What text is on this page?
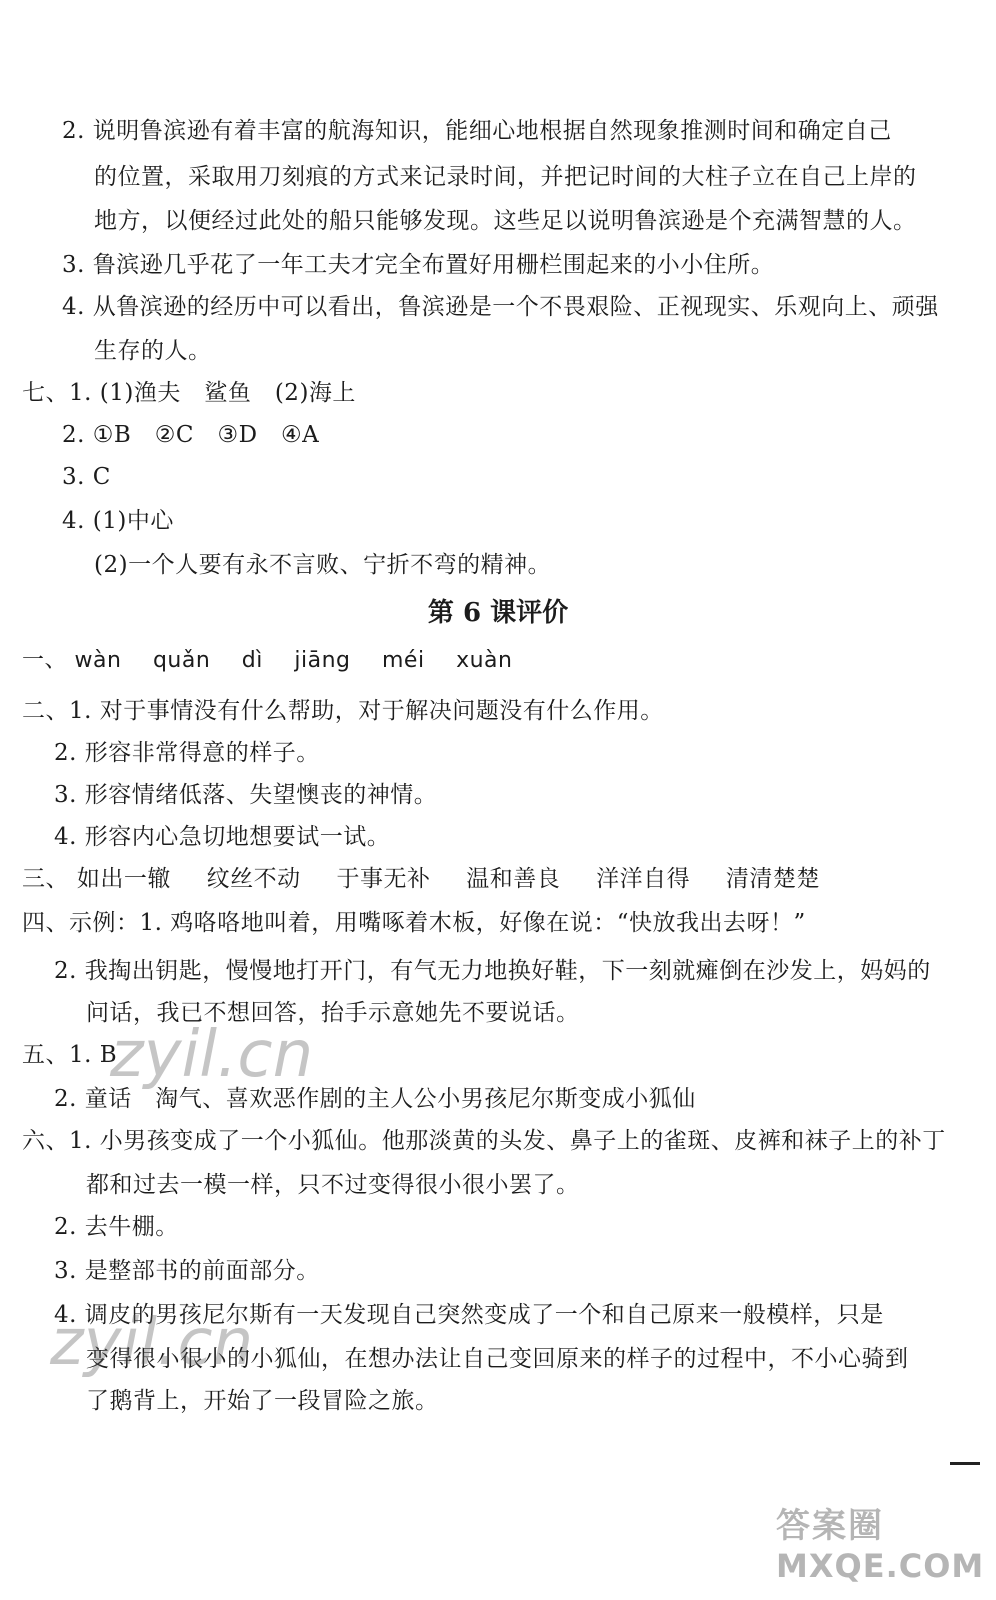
2. 说明鲁滨逊有着丰富的航海知识，能细心地根据自然现象推测时间和确定自己
的位置，采取用刀刻痕的方式来记录时间，并把记时间的大柱子立在自己上岸的
地方，以便经过此处的船只能够发现。这些足以说明鲁滨逊是个充满智慧的人。
3. 鲁滨逊几乎花了一年工夫才完全布置好用栅栏围起来的小小住所。
4. 从鲁滨逊的经历中可以看出，鲁滨逊是一个不畏艰险、正视现实、乐观向上、顽强
生存的人。
七、1. (1)渔夫　鲨鱼　(2)海上
2. ①B　②C　③D　④A
3. C
4. (1)中心
(2)一个人要有永不言败、宁折不弯的精神。
第 6 课评价
一、 wàn quǎn dì jiāng méi xuàn
二、1. 对于事情没有什么帮助，对于解决问题没有什么作用。
2. 形容非常得意的样子。
3. 形容情绪低落、失望懊丧的神情。
4. 形容内心急切地想要试一试。
三、 如出一辙 纹丝不动 于事无补 温和善良 洋洋自得 清清楚楚
四、示例：1. 鸡咯咯地叫着，用嘴啄着木板，好像在说：“快放我出去呀！”
2. 我掏出钥匙，慢慢地打开门，有气无力地换好鞋，下一刻就瘫倒在沙发上，妈妈的
问话，我已不想回答，抬手示意她先不要说话。
五、1. B
2. 童话　淘气、喜欢恶作剧的主人公小男孩尼尔斯变成小狐仙
六、1. 小男孩变成了一个小狐仙。他那淡黄的头发、鼻子上的雀斑、皮裤和袜子上的补丁
都和过去一模一样，只不过变得很小很小罢了。
2. 去牛棚。
3. 是整部书的前面部分。
4. 调皮的男孩尼尔斯有一天发现自己突然变成了一个和自己原来一般模样，只是
变得很小很小的小狐仙，在想办法让自己变回原来的样子的过程中，不小心骑到
了鹅背上，开始了一段冒险之旅。
zyil.cn
zyil.cn
答案圈
MXQE.COM
